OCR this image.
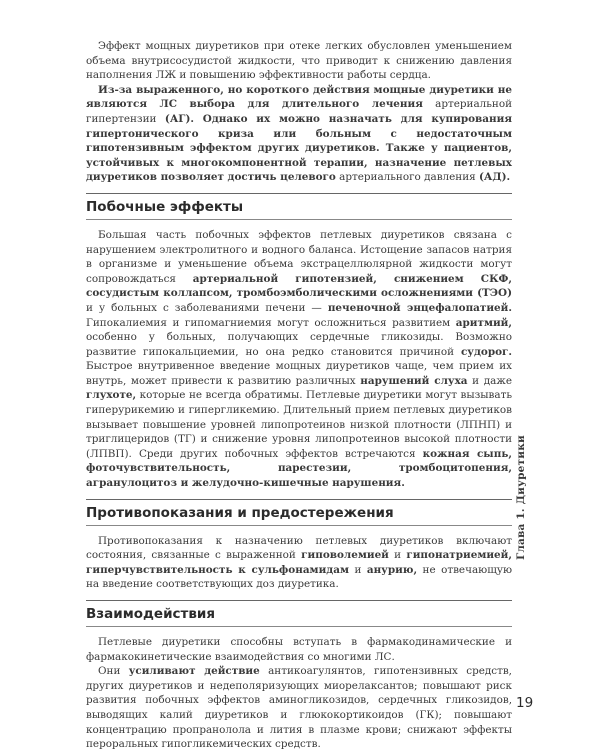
Эффект мощных диуретиков при отеке легких обусловлен уменьшением объема внутрисосудистой жидкости, что приводит к снижению давления наполнения ЛЖ и повышению эффективности работы сердца.

Из-за выраженного, но короткого действия мощные диуретики не являются ЛС выбора для длительного лечения артериальной гипертензии (АГ). Однако их можно назначать для купирования гипертонического криза или больным с недостаточным гипотензивным эффектом других диуретиков. Также у пациентов, устойчивых к многокомпонентной терапии, назначение петлевых диуретиков позволяет достичь целевого артериального давления (АД).

Побочные эффекты

Большая часть побочных эффектов петлевых диуретиков связана с нарушением электролитного и водного баланса. Истощение запасов натрия в организме и уменьшение объема экстрацеллюлярной жидкости могут сопровождаться артериальной гипотензией, снижением СКФ, сосудистым коллапсом, тромбоэмболическими осложнениями (ТЭО) и у больных с заболеваниями печени — печеночной энцефалопатией. Гипокалиемия и гипомагниемия могут осложниться развитием аритмий, особенно у больных, получающих сердечные гликозиды. Возможно развитие гипокальциемии, но она редко становится причиной судорог. Быстрое внутривенное введение мощных диуретиков чаще, чем прием их внутрь, может привести к развитию различных нарушений слуха и даже глухоте, которые не всегда обратимы. Петлевые диуретики могут вызывать гиперурикемию и гипергликемию. Длительный прием петлевых диуретиков вызывает повышение уровней липопротеинов низкой плотности (ЛПНП) и триглицеридов (ТГ) и снижение уровня липопротеинов высокой плотности (ЛПВП). Среди других побочных эффектов встречаются кожная сыпь, фоточувствительность, парестезии, тромбоцитопения, агранулоцитоз и желудочно-кишечные нарушения.

Противопоказания и предостережения

Противопоказания к назначению петлевых диуретиков включают состояния, связанные с выраженной гиповолемией и гипонатриемией, гиперчувствительность к сульфонамидам и анурию, не отвечающую на введение соответствующих доз диуретика.

Взаимодействия

Петлевые диуретики способны вступать в фармакодинамические и фармакокинетические взаимодействия со многими ЛС.

Они усиливают действие антикоагулянтов, гипотензивных средств, других диуретиков и недеполяризующих миорелаксантов; повышают риск развития побочных эффектов аминогликозидов, сердечных гликозидов, выводящих калий диуретиков и глюкокортикоидов (ГК); повышают концентрацию пропранолола и лития в плазме крови; снижают эффекты пероральных гипогликемических средств.

Глава 1. Диуретики
19
